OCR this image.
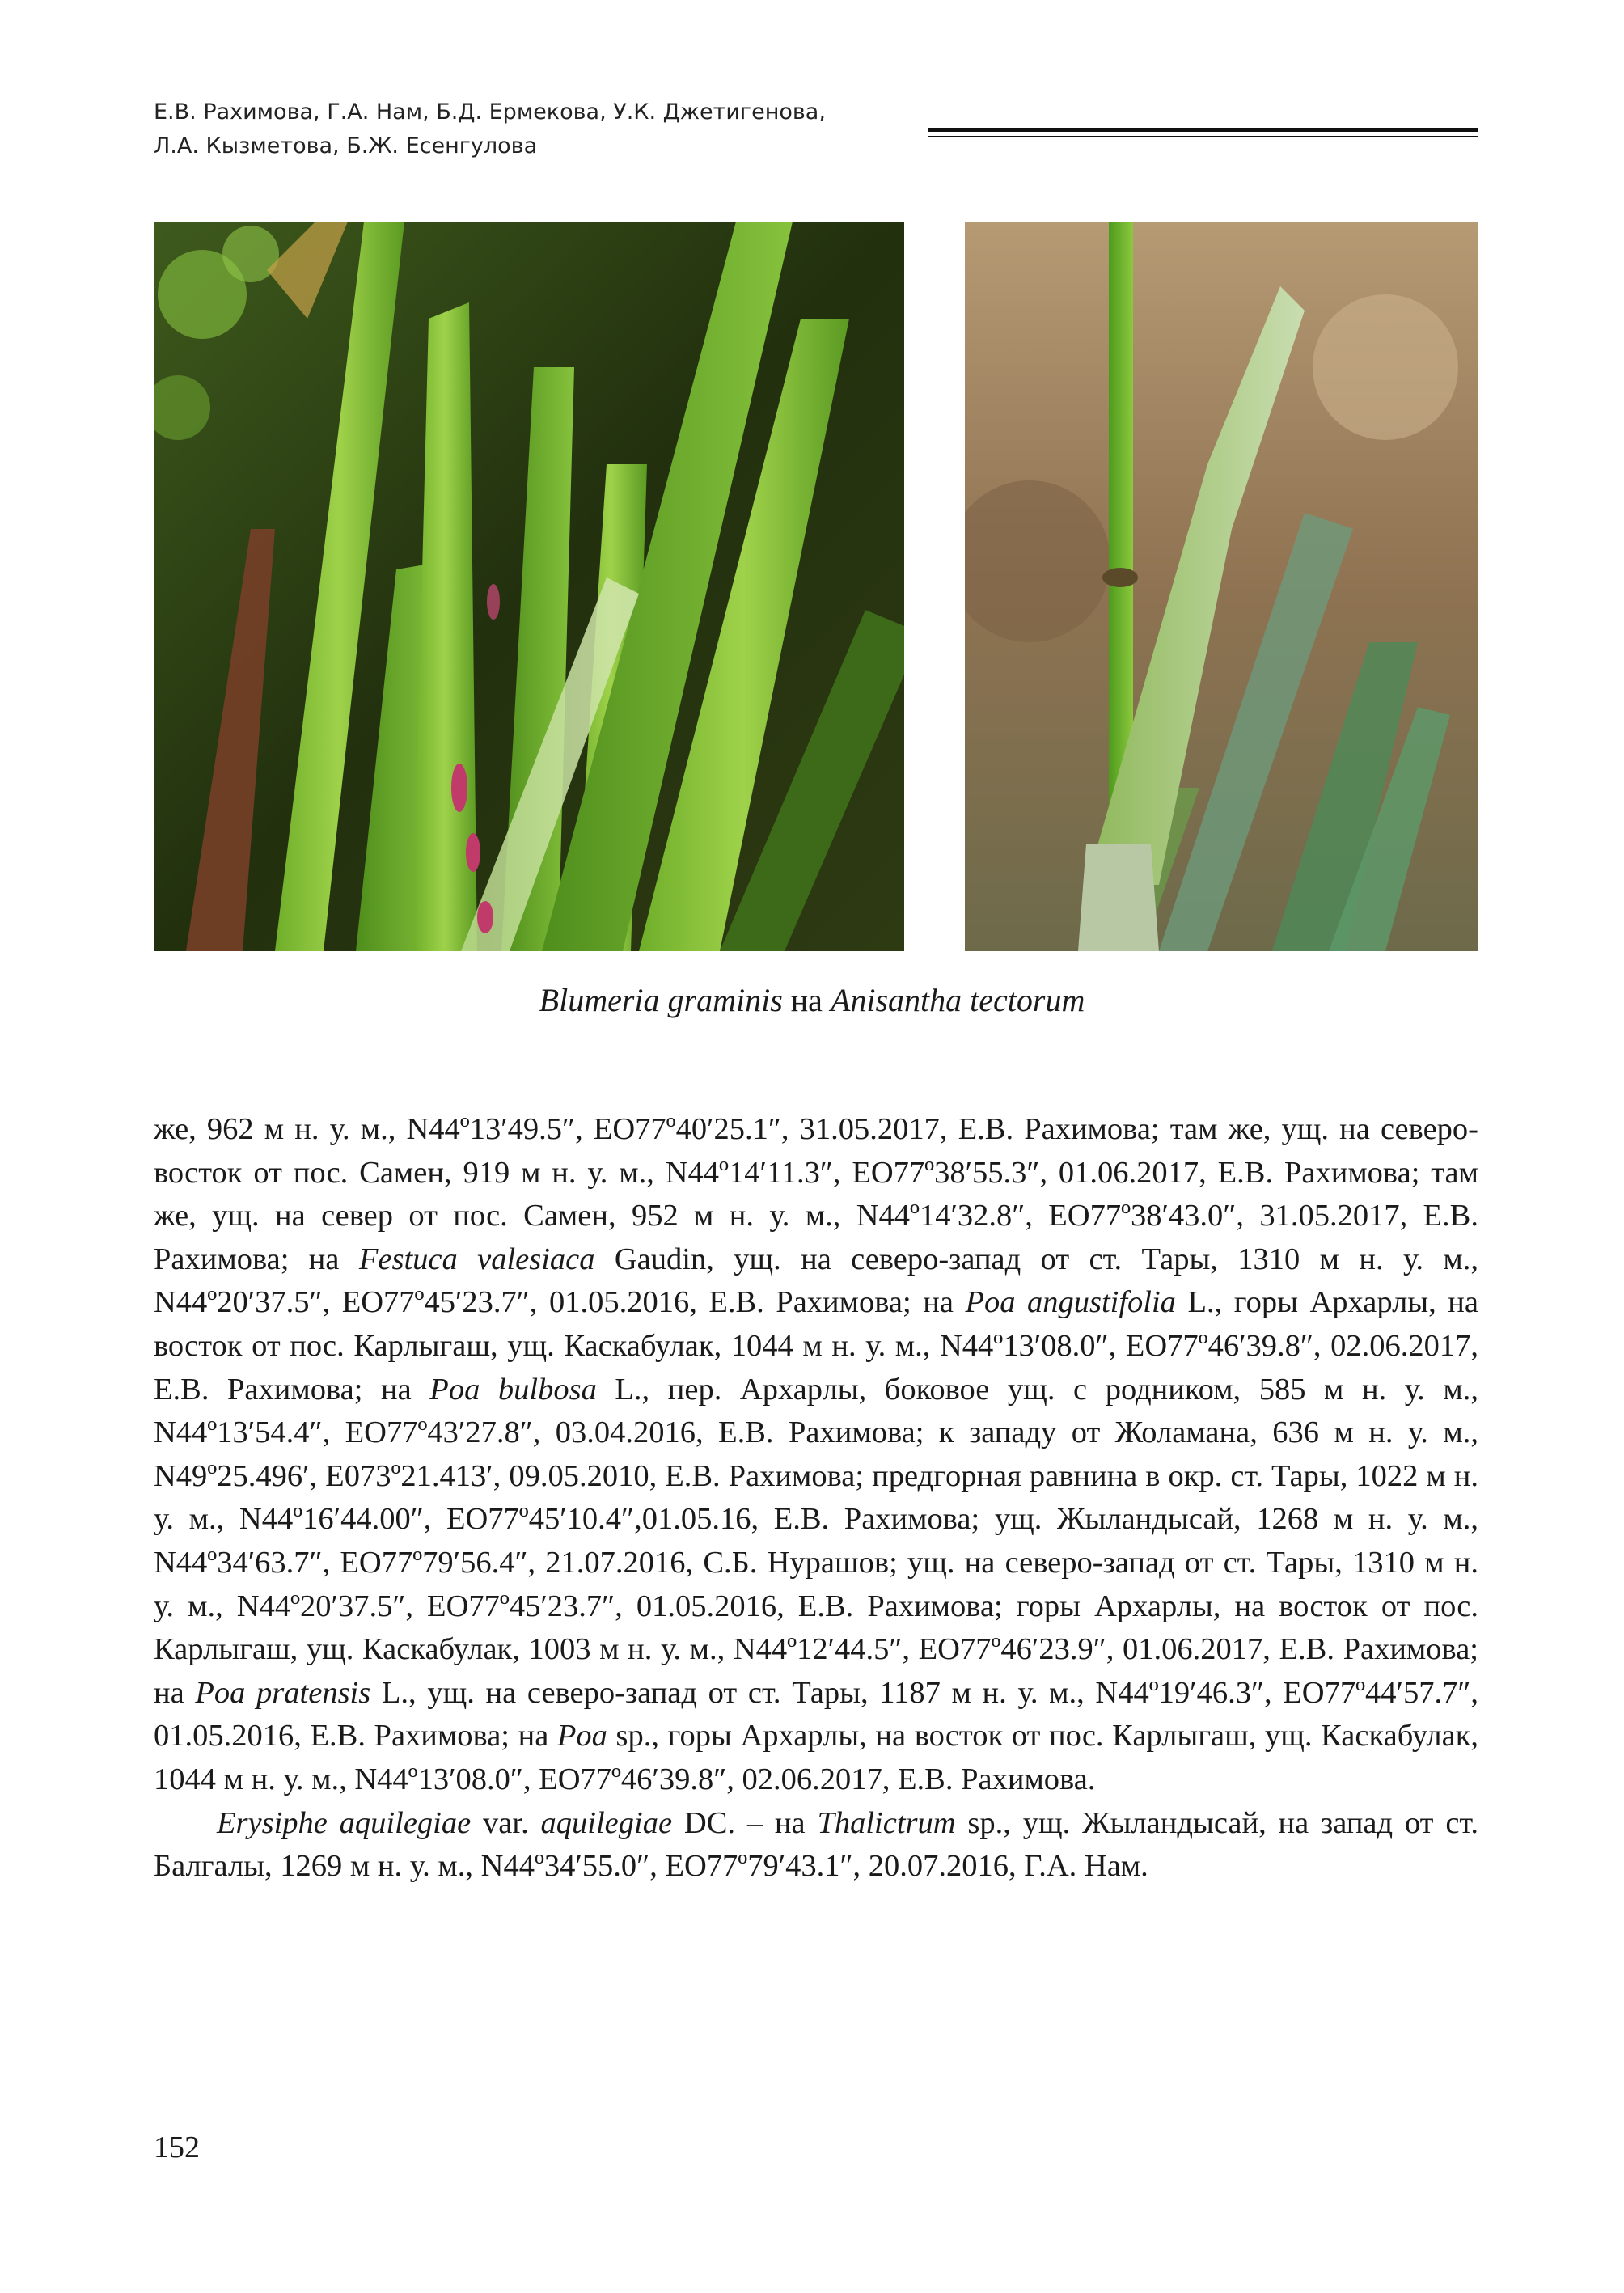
Е.В. Рахимова, Г.А. Нам, Б.Д. Ермекова, У.К. Джетигенова,
Л.А. Кызметова, Б.Ж. Есенгулова
Blumeria graminis на Anisantha tectorum

же, 962 м н. у. м., N44º13′49.5″, EO77º40′25.1″, 31.05.2017, Е.В. Рахимова; там же, ущ. на северо-восток от пос. Самен, 919 м н. у. м., N44º14′11.3″, EO77º38′55.3″, 01.06.2017, Е.В. Рахимова; там же, ущ. на север от пос. Самен, 952 м н. у. м., N44º14′32.8″, EO77º38′43.0″, 31.05.2017, Е.В. Рахимова; на Festuca valesiaca Gaudin, ущ. на северо-запад от ст. Тары, 1310 м н. у. м., N44º20′37.5″, EO77º45′23.7″, 01.05.2016, Е.В. Рахимова; на Poa angustifolia L., горы Архарлы, на восток от пос. Карлыгаш, ущ. Каскабулак, 1044 м н. у. м., N44º13′08.0″, EO77º46′39.8″, 02.06.2017, Е.В. Рахимова; на Poa bulbosa L., пер. Архарлы, боковое ущ. с родником, 585 м н. у. м., N44º13′54.4″, EO77º43′27.8″, 03.04.2016, Е.В. Рахимова; к западу от Жоламана, 636 м н. у. м., N49º25.496′, E073º21.413′, 09.05.2010, Е.В. Рахимова; предгорная равнина в окр. ст. Тары, 1022 м н. у. м., N44º16′44.00″, EO77º45′10.4″,01.05.16, Е.В. Рахимова; ущ. Жыландысай, 1268 м н. у. м., N44º34′63.7″, EO77º79′56.4″, 21.07.2016, С.Б. Нурашов; ущ. на северо-запад от ст. Тары, 1310 м н. у. м., N44º20′37.5″, EO77º45′23.7″, 01.05.2016, Е.В. Рахимова; горы Архарлы, на восток от пос. Карлыгаш, ущ. Каскабулак, 1003 м н. у. м., N44º12′44.5″, EO77º46′23.9″, 01.06.2017, Е.В. Рахимова; на Poa pratensis L., ущ. на северо-запад от ст. Тары, 1187 м н. у. м., N44º19′46.3″, EO77º44′57.7″, 01.05.2016, Е.В. Рахимова; на Poa sp., горы Архарлы, на восток от пос. Карлыгаш, ущ. Каскабулак, 1044 м н. у. м., N44º13′08.0″, EO77º46′39.8″, 02.06.2017, Е.В. Рахимова.

Erysiphe aquilegiae var. aquilegiae DC. – на Thalictrum sp., ущ. Жыландысай, на запад от ст. Балгалы, 1269 м н. у. м., N44º34′55.0″, EO77º79′43.1″, 20.07.2016, Г.А. Нам.

152
